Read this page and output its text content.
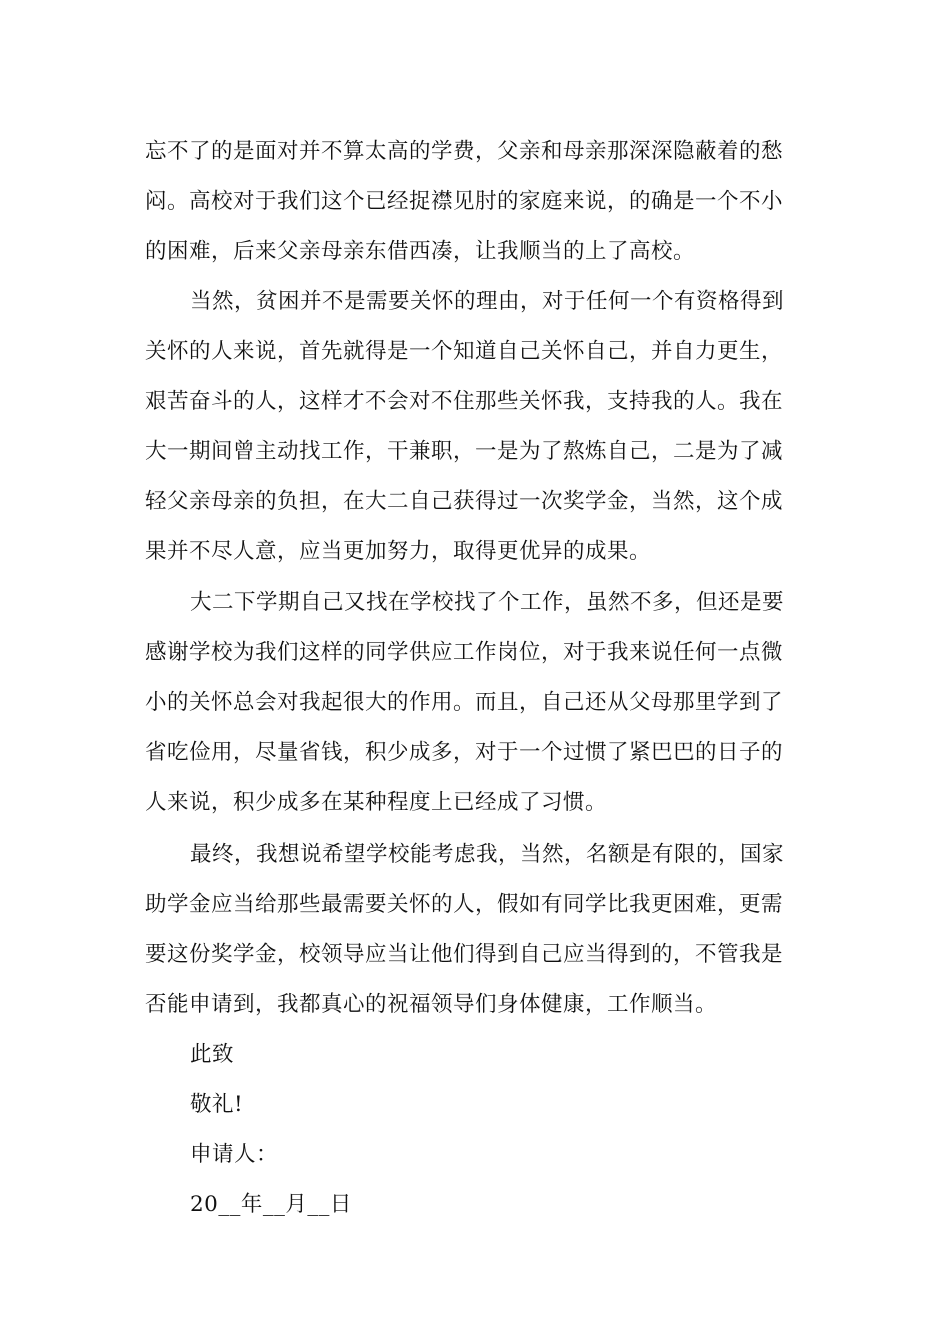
忘不了的是面对并不算太高的学费，父亲和母亲那深深隐蔽着的愁
闷。高校对于我们这个已经捉襟见肘的家庭来说，的确是一个不小
的困难，后来父亲母亲东借西凑，让我顺当的上了高校。
当然，贫困并不是需要关怀的理由，对于任何一个有资格得到
关怀的人来说，首先就得是一个知道自己关怀自己，并自力更生，
艰苦奋斗的人，这样才不会对不住那些关怀我，支持我的人。我在
大一期间曾主动找工作，干兼职，一是为了熬炼自己，二是为了减
轻父亲母亲的负担，在大二自己获得过一次奖学金，当然，这个成
果并不尽人意，应当更加努力，取得更优异的成果。
大二下学期自己又找在学校找了个工作，虽然不多，但还是要
感谢学校为我们这样的同学供应工作岗位，对于我来说任何一点微
小的关怀总会对我起很大的作用。而且，自己还从父母那里学到了
省吃俭用，尽量省钱，积少成多，对于一个过惯了紧巴巴的日子的
人来说，积少成多在某种程度上已经成了习惯。
最终，我想说希望学校能考虑我，当然，名额是有限的，国家
助学金应当给那些最需要关怀的人，假如有同学比我更困难，更需
要这份奖学金，校领导应当让他们得到自己应当得到的，不管我是
否能申请到，我都真心的祝福领导们身体健康，工作顺当。
此致
敬礼!
申请人：
20__年__月__日
